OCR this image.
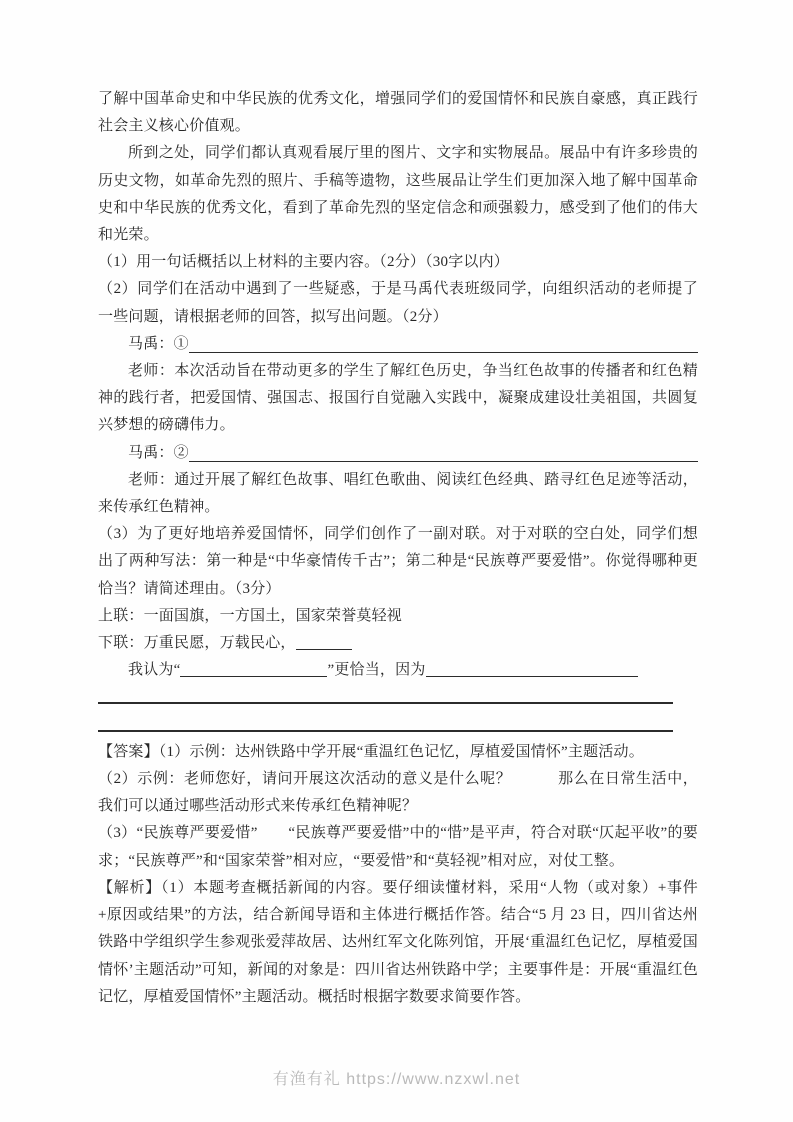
了解中国革命史和中华民族的优秀文化，增强同学们的爱国情怀和民族自豪感，真正践行社会主义核心价值观。
所到之处，同学们都认真观看展厅里的图片、文字和实物展品。展品中有许多珍贵的历史文物，如革命先烈的照片、手稿等遗物，这些展品让学生们更加深入地了解中国革命史和中华民族的优秀文化，看到了革命先烈的坚定信念和顽强毅力，感受到了他们的伟大和光荣。
（1）用一句话概括以上材料的主要内容。（2分）（30字以内）
（2）同学们在活动中遇到了一些疑惑，于是马禹代表班级同学，向组织活动的老师提了一些问题，请根据老师的回答，拟写出问题。（2分）
马禹：①
老师：本次活动旨在带动更多的学生了解红色历史，争当红色故事的传播者和红色精神的践行者，把爱国情、强国志、报国行自觉融入实践中，凝聚成建设壮美祖国，共圆复兴梦想的磅礴伟力。
马禹：②
老师：通过开展了解红色故事、唱红色歌曲、阅读红色经典、踏寻红色足迹等活动，来传承红色精神。
（3）为了更好地培养爱国情怀，同学们创作了一副对联。对于对联的空白处，同学们想出了两种写法：第一种是“中华豪情传千古”；第二种是“民族尊严要爱惜”。你觉得哪种更恰当？请简述理由。（3分）
上联：一面国旗，一方国土，国家荣誉莫轻视
下联：万重民愿，万载民心，
我认为“	”更恰当，因为
【答案】（1）示例：达州铁路中学开展“重温红色记忆，厚植爱国情怀”主题活动。
（2）示例：老师您好，请问开展这次活动的意义是什么呢？　　　那么在日常生活中，我们可以通过哪些活动形式来传承红色精神呢？
（3）“民族尊严要爱惜”　　“民族尊严要爱惜”中的“惜”是平声，符合对联“仄起平收”的要求；“民族尊严”和“国家荣誉”相对应，“要爱惜”和“莫轻视”相对应，对仗工整。
【解析】（1）本题考查概括新闻的内容。要仔细读懂材料，采用“人物（或对象）+事件+原因或结果”的方法，结合新闻导语和主体进行概括作答。结合“5 月 23 日，四川省达州铁路中学组织学生参观张爱萍故居、达州红军文化陈列馆，开展‘重温红色记忆，厚植爱国情怀’主题活动”可知，新闻的对象是：四川省达州铁路中学；主要事件是：开展“重温红色记忆，厚植爱国情怀”主题活动。概括时根据字数要求简要作答。
有渔有礼 https://www.nzxwl.net
